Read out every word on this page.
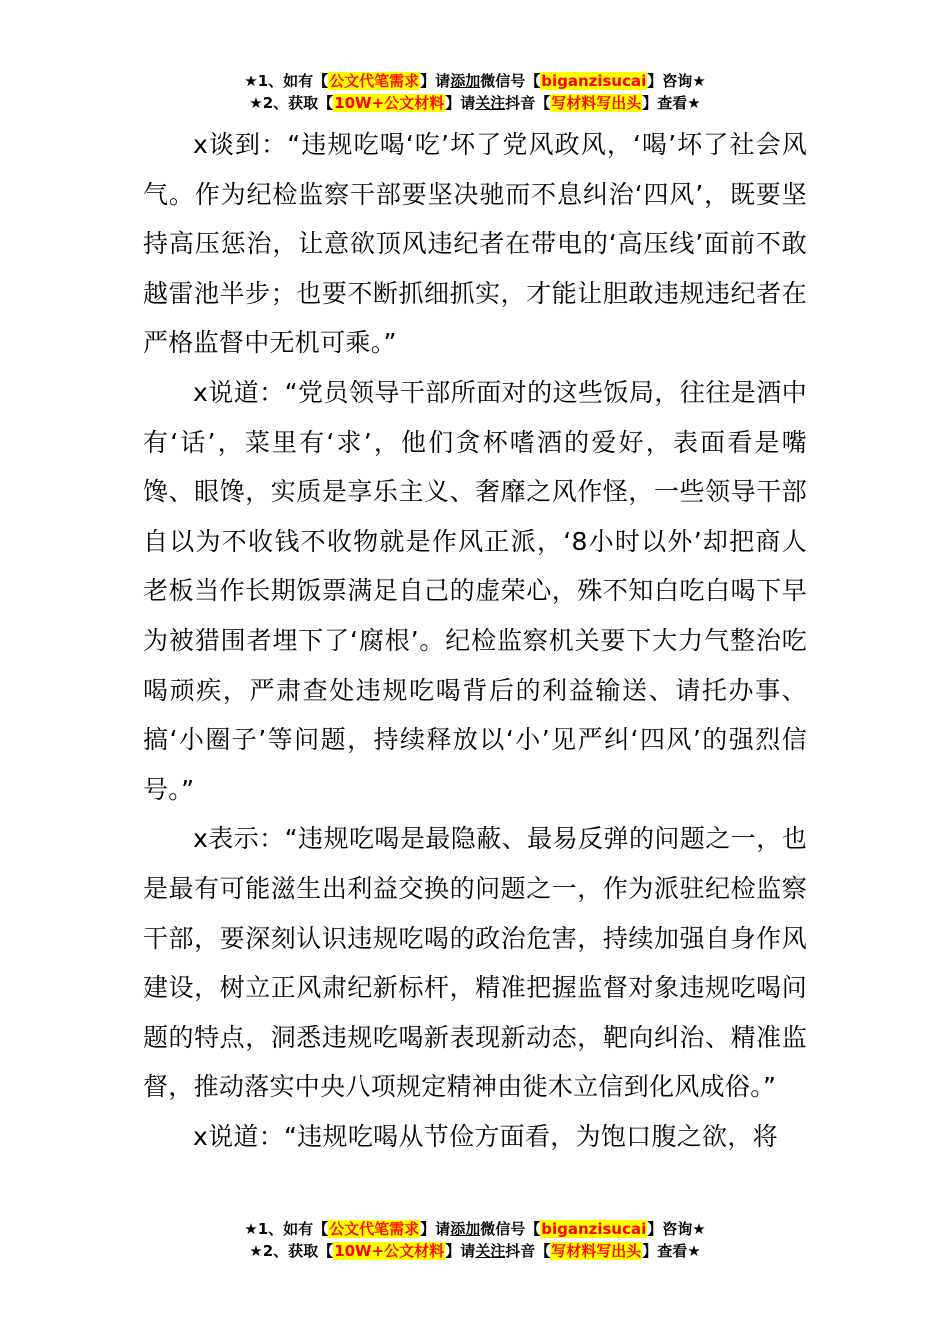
★1、如有【公文代笔需求】请添加微信号【biganzisucai】咨询★
★2、获取【10W+公文材料】请关注抖音【写材料写出头】查看★

x谈到：“违规吃喝‘吃’坏了党风政风，‘喝’坏了社会风气。作为纪检监察干部要坚决驰而不息纠治‘四风’，既要坚持高压惩治，让意欲顶风违纪者在带电的‘高压线’面前不敢越雷池半步；也要不断抓细抓实，才能让胆敢违规违纪者在严格监督中无机可乘。”

x说道：“党员领导干部所面对的这些饭局，往往是酒中有‘话’，菜里有‘求’，他们贪杯嗜酒的爱好，表面看是嘴馋、眼馋，实质是享乐主义、奢靡之风作怪，一些领导干部自以为不收钱不收物就是作风正派，‘8小时以外’却把商人老板当作长期饭票满足自己的虚荣心，殊不知白吃白喝下早为被猎围者埋下了‘腐根’。纪检监察机关要下大力气整治吃喝顽疾，严肃查处违规吃喝背后的利益输送、请托办事、搞‘小圈子’等问题，持续释放以‘小’见严纠‘四风’的强烈信号。”

x表示：“违规吃喝是最隐蔽、最易反弹的问题之一，也是最有可能滋生出利益交换的问题之一，作为派驻纪检监察干部，要深刻认识违规吃喝的政治危害，持续加强自身作风建设，树立正风肃纪新标杆，精准把握监督对象违规吃喝问题的特点，洞悉违规吃喝新表现新动态，靶向纠治、精准监督，推动落实中央八项规定精神由徙木立信到化风成俗。”

x说道：“违规吃喝从节俭方面看，为饱口腹之欲，将

★1、如有【公文代笔需求】请添加微信号【biganzisucai】咨询★
★2、获取【10W+公文材料】请关注抖音【写材料写出头】查看★
